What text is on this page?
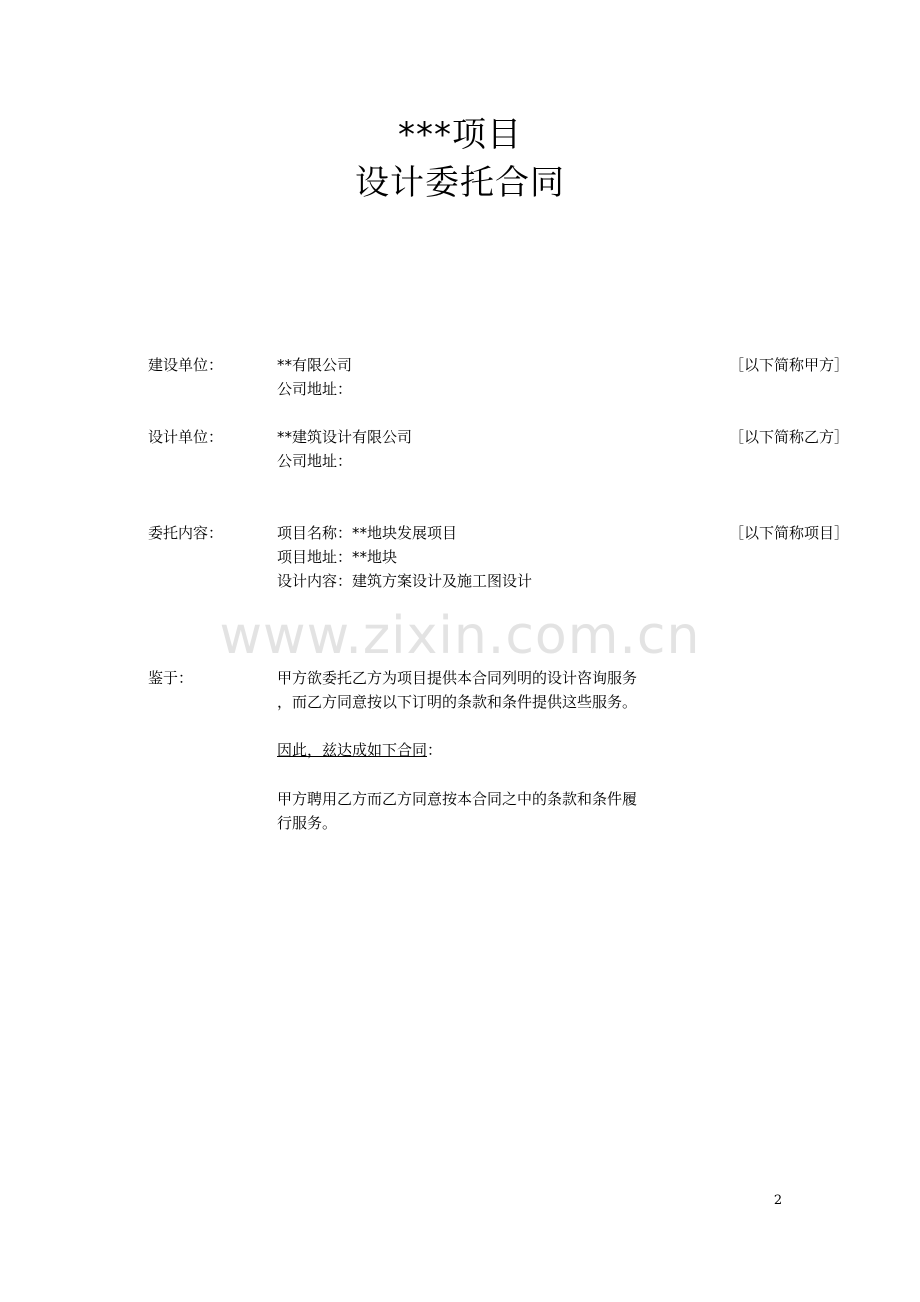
***项目
设计委托合同
建设单位：	**有限公司	［以下简称甲方］
公司地址：
设计单位：	**建筑设计有限公司	［以下简称乙方］
公司地址：
委托内容：	项目名称：**地块发展项目	［以下简称项目］
项目地址：**地块
设计内容：建筑方案设计及施工图设计
www.zixin.com.cn
鉴于：	甲方欲委托乙方为项目提供本合同列明的设计咨询服务
，而乙方同意按以下订明的条款和条件提供这些服务。
因此，兹达成如下合同：
甲方聘用乙方而乙方同意按本合同之中的条款和条件履
行服务。
2
